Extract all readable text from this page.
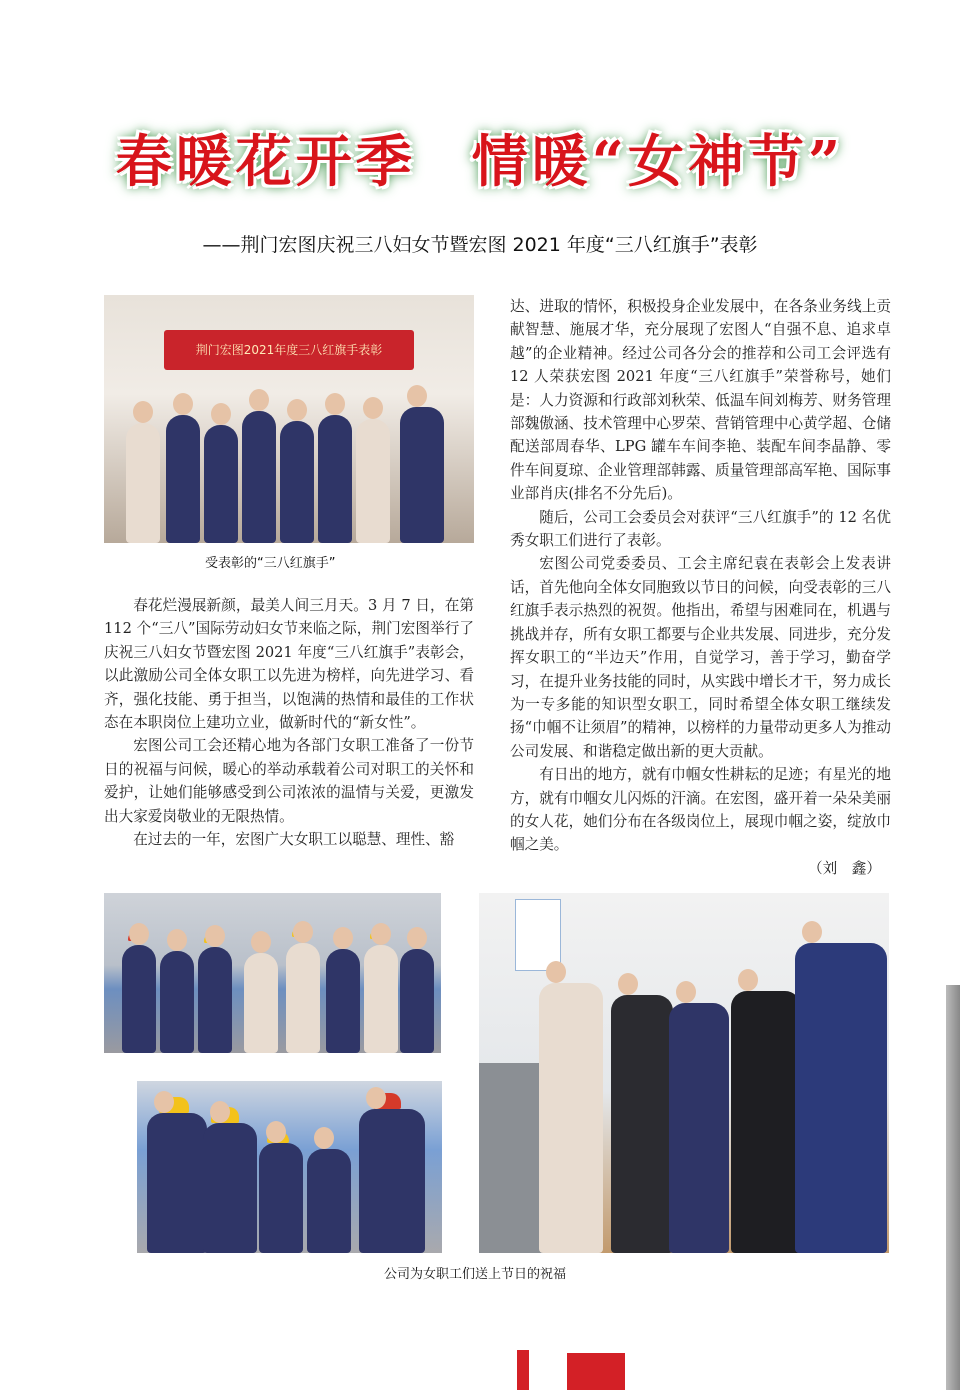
春暖花开季 情暖“女神节”
——荆门宏图庆祝三八妇女节暨宏图 2021 年度“三八红旗手”表彰
荆门宏图2021年度三八红旗手表彰
受表彰的“三八红旗手”

春花烂漫展新颜，最美人间三月天。3 月 7 日，在第 112 个“三八”国际劳动妇女节来临之际，荆门宏图举行了庆祝三八妇女节暨宏图 2021 年度“三八红旗手”表彰会，以此激励公司全体女职工以先进为榜样，向先进学习、看齐，强化技能、勇于担当，以饱满的热情和最佳的工作状态在本职岗位上建功立业，做新时代的“新女性”。

宏图公司工会还精心地为各部门女职工准备了一份节日的祝福与问候，暖心的举动承载着公司对职工的关怀和爱护，让她们能够感受到公司浓浓的温情与关爱，更激发出大家爱岗敬业的无限热情。

在过去的一年，宏图广大女职工以聪慧、理性、豁

达、进取的情怀，积极投身企业发展中，在各条业务线上贡献智慧、施展才华，充分展现了宏图人“自强不息、追求卓越”的企业精神。经过公司各分会的推荐和公司工会评选有 12 人荣获宏图 2021 年度“三八红旗手”荣誉称号，她们是：人力资源和行政部刘秋荣、低温车间刘梅芳、财务管理部魏傲涵、技术管理中心罗荣、营销管理中心黄学超、仓储配送部周春华、LPG 罐车车间李艳、装配车间李晶静、零件车间夏琼、企业管理部韩露、质量管理部高军艳、国际事业部肖庆(排名不分先后)。

随后，公司工会委员会对获评“三八红旗手”的 12 名优秀女职工们进行了表彰。

宏图公司党委委员、工会主席纪袁在表彰会上发表讲话，首先他向全体女同胞致以节日的问候，向受表彰的三八红旗手表示热烈的祝贺。他指出，希望与困难同在，机遇与挑战并存，所有女职工都要与企业共发展、同进步，充分发挥女职工的“半边天”作用，自觉学习，善于学习，勤奋学习，在提升业务技能的同时，从实践中增长才干，努力成长为一专多能的知识型女职工，同时希望全体女职工继续发扬“巾帼不让须眉”的精神，以榜样的力量带动更多人为推动公司发展、和谐稳定做出新的更大贡献。

有日出的地方，就有巾帼女性耕耘的足迹；有星光的地方，就有巾帼女儿闪烁的汗滴。在宏图，盛开着一朵朵美丽的女人花，她们分布在各级岗位上，展现巾帼之姿，绽放巾帼之美。

（刘　鑫）

公司为女职工们送上节日的祝福
